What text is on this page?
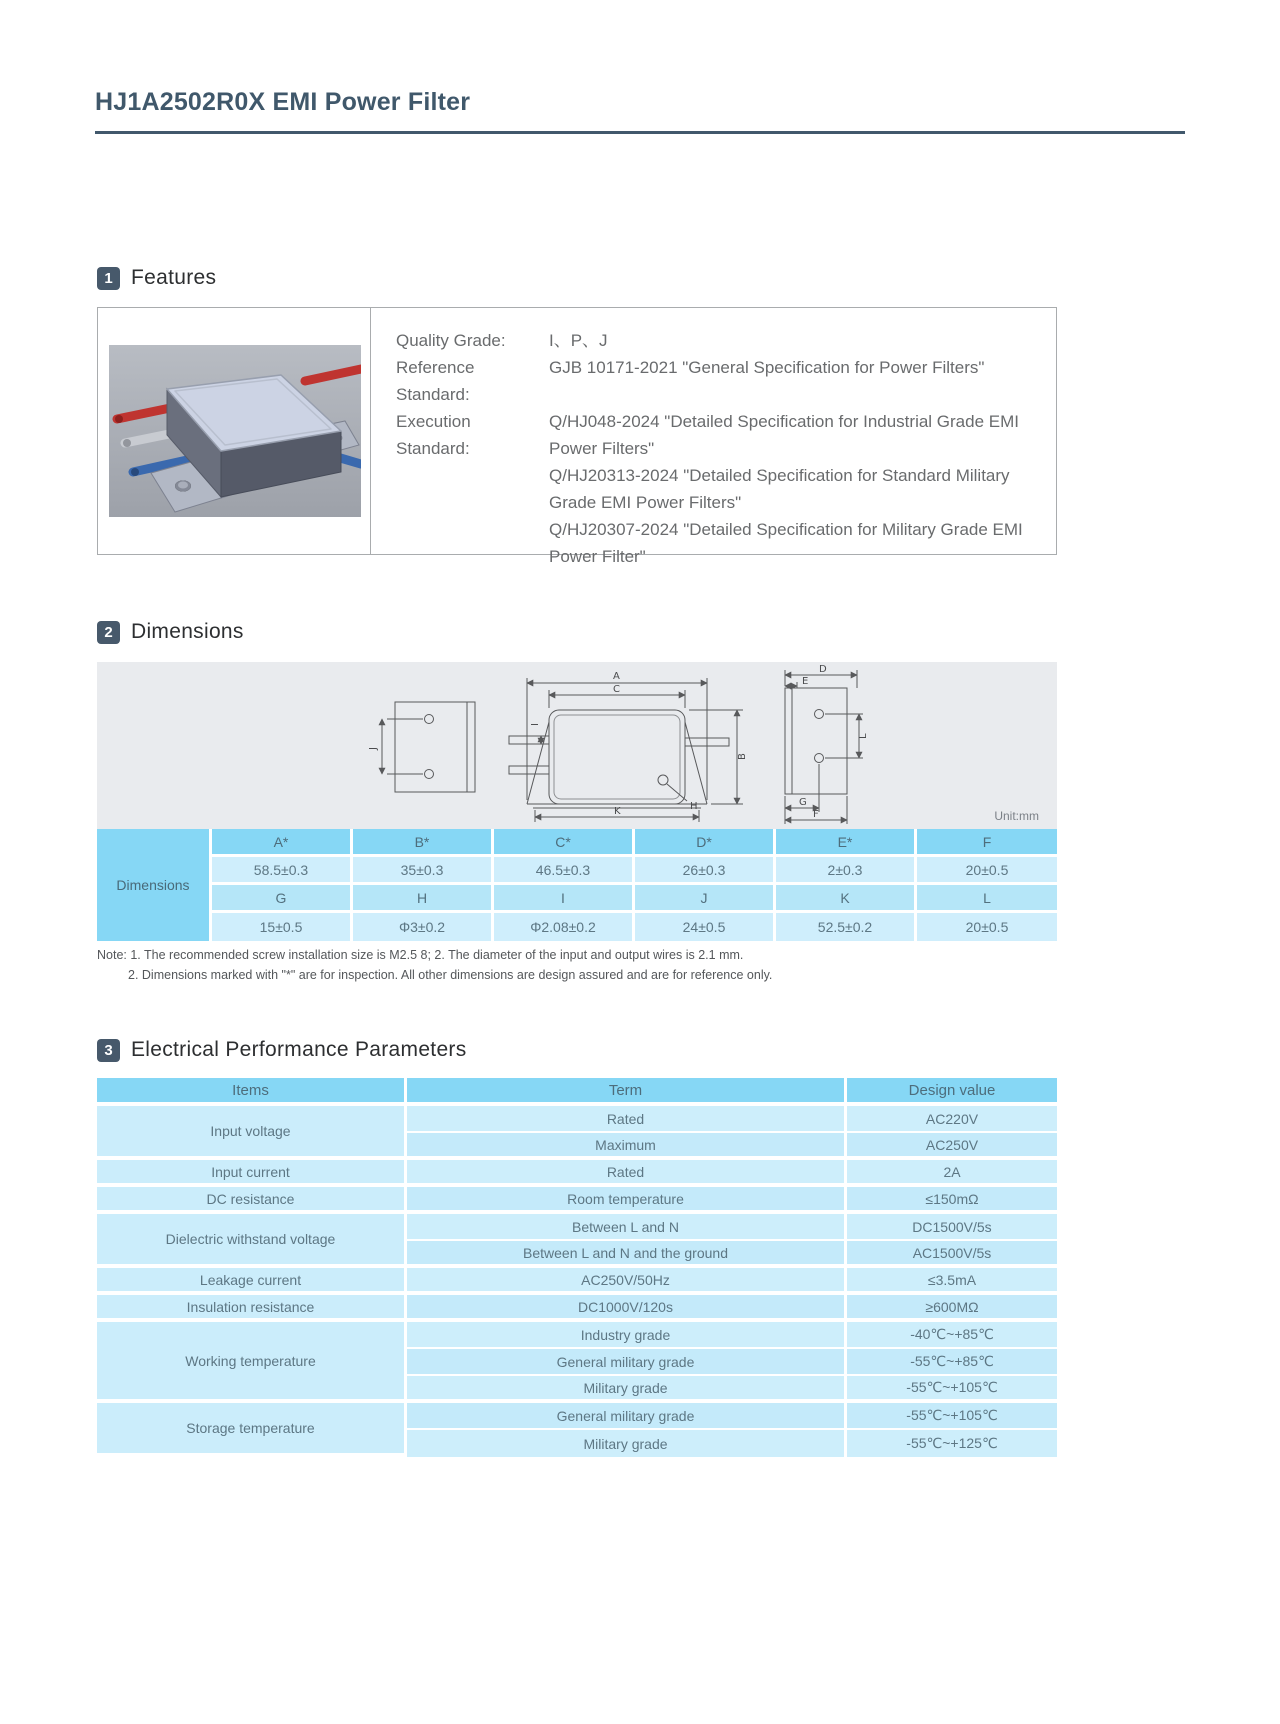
HJ1A2502R0X EMI Power Filter
1 Features
Quality Grade:	I、P、J
Reference Standard:
GJB 10171-2021 "General Specification for Power Filters"
Execution Standard:
Q/HJ048-2024 "Detailed Specification for Industrial Grade EMI Power Filters"
Q/HJ20313-2024 "Detailed Specification for Standard Military Grade EMI Power Filters"
Q/HJ20307-2024 "Detailed Specification for Military Grade EMI Power Filter"
2 Dimensions
J
H
A
C
I
B
K
D
E
L
G
F	Unit:mm
Dimensions	A*	B*	C*	D*	E*	F
	58.5±0.3	35±0.3	46.5±0.3	26±0.3	2±0.3	20±0.5
	G	H	I	J	K	L
	15±0.5	Φ3±0.2	Φ2.08±0.2	24±0.5	52.5±0.2	20±0.5
Note: 1. The recommended screw installation size is M2.5 8; 2. The diameter of the input and output wires is 2.1 mm.
2. Dimensions marked with "*" are for inspection. All other dimensions are design assured and are for reference only.
3 Electrical Performance Parameters
Items	Term	Design value
Input voltage	Rated	AC220V
	Maximum	AC250V
Input current	Rated	2A
DC resistance	Room temperature	≤150mΩ
Dielectric withstand voltage	Between L and N	DC1500V/5s
	Between L and N and the ground	AC1500V/5s
Leakage current	AC250V/50Hz	≤3.5mA
Insulation resistance	DC1000V/120s	≥600MΩ
Working temperature	Industry grade	-40℃~+85℃
	General military grade	-55℃~+85℃
	Military grade	-55℃~+105℃
Storage temperature	General military grade	-55℃~+105℃
	Military grade	-55℃~+125℃
